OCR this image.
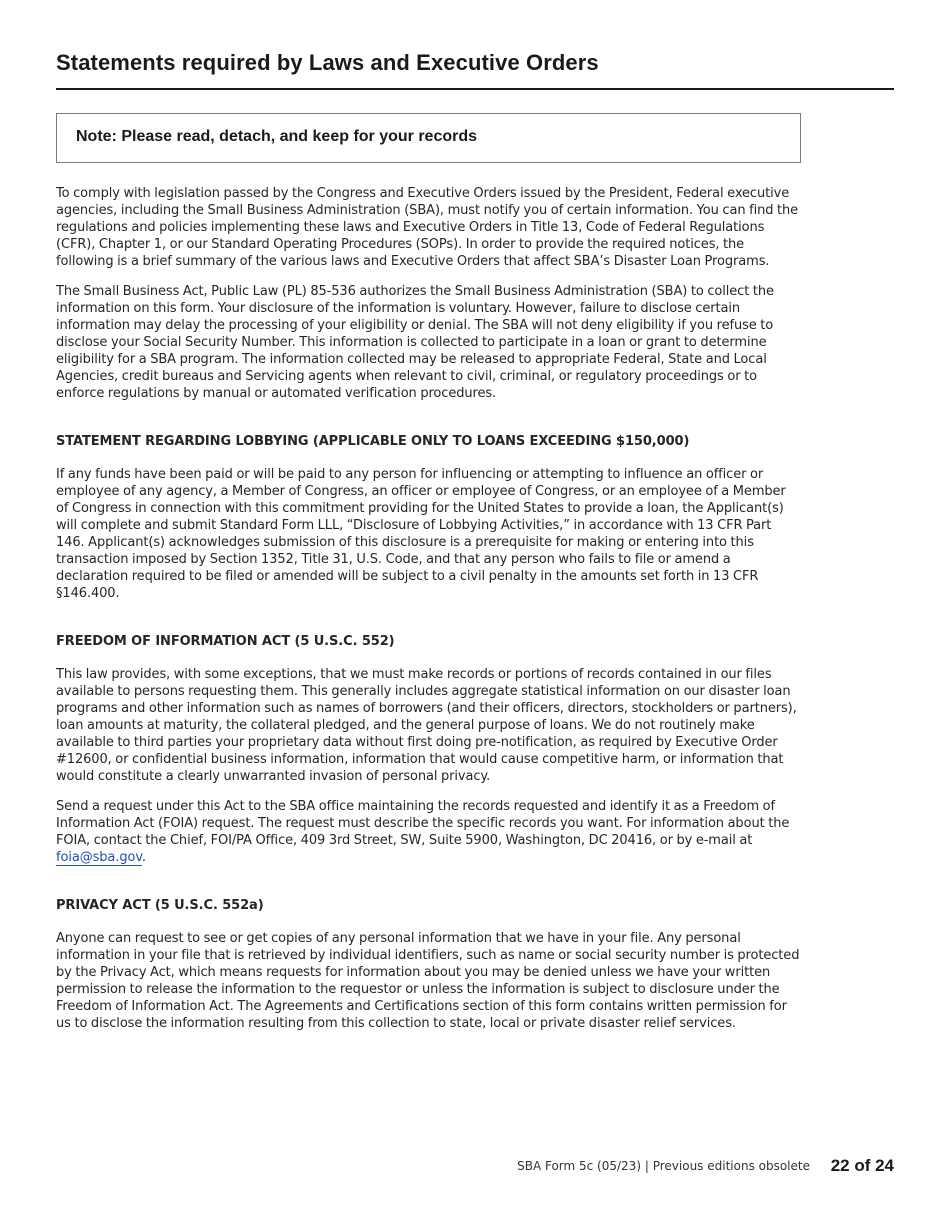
Statements required by Laws and Executive Orders
Note: Please read, detach, and keep for your records

To comply with legislation passed by the Congress and Executive Orders issued by the President, Federal executive agencies, including the Small Business Administration (SBA), must notify you of certain information. You can find the regulations and policies implementing these laws and Executive Orders in Title 13, Code of Federal Regulations (CFR), Chapter 1, or our Standard Operating Procedures (SOPs). In order to provide the required notices, the following is a brief summary of the various laws and Executive Orders that affect SBA’s Disaster Loan Programs.

The Small Business Act, Public Law (PL) 85-536 authorizes the Small Business Administration (SBA) to collect the information on this form. Your disclosure of the information is voluntary. However, failure to disclose certain information may delay the processing of your eligibility or denial. The SBA will not deny eligibility if you refuse to disclose your Social Security Number. This information is collected to participate in a loan or grant to determine eligibility for a SBA program. The information collected may be released to appropriate Federal, State and Local Agencies, credit bureaus and Servicing agents when relevant to civil, criminal, or regulatory proceedings or to enforce regulations by manual or automated verification procedures.

STATEMENT REGARDING LOBBYING (APPLICABLE ONLY TO LOANS EXCEEDING $150,000)

If any funds have been paid or will be paid to any person for influencing or attempting to influence an officer or employee of any agency, a Member of Congress, an officer or employee of Congress, or an employee of a Member of Congress in connection with this commitment providing for the United States to provide a loan, the Applicant(s) will complete and submit Standard Form LLL, “Disclosure of Lobbying Activities,” in accordance with 13 CFR Part 146. Applicant(s) acknowledges submission of this disclosure is a prerequisite for making or entering into this transaction imposed by Section 1352, Title 31, U.S. Code, and that any person who fails to file or amend a declaration required to be filed or amended will be subject to a civil penalty in the amounts set forth in 13 CFR §146.400.

FREEDOM OF INFORMATION ACT (5 U.S.C. 552)

This law provides, with some exceptions, that we must make records or portions of records contained in our files available to persons requesting them. This generally includes aggregate statistical information on our disaster loan programs and other information such as names of borrowers (and their officers, directors, stockholders or partners), loan amounts at maturity, the collateral pledged, and the general purpose of loans. We do not routinely make available to third parties your proprietary data without first doing pre-notification, as required by Executive Order #12600, or confidential business information, information that would cause competitive harm, or information that would constitute a clearly unwarranted invasion of personal privacy.

Send a request under this Act to the SBA office maintaining the records requested and identify it as a Freedom of Information Act (FOIA) request. The request must describe the specific records you want. For information about the FOIA, contact the Chief, FOI/PA Office, 409 3rd Street, SW, Suite 5900, Washington, DC 20416, or by e-mail at foia@sba.gov.

PRIVACY ACT (5 U.S.C. 552a)

Anyone can request to see or get copies of any personal information that we have in your file. Any personal information in your file that is retrieved by individual identifiers, such as name or social security number is protected by the Privacy Act, which means requests for information about you may be denied unless we have your written permission to release the information to the requestor or unless the information is subject to disclosure under the Freedom of Information Act. The Agreements and Certifications section of this form contains written permission for us to disclose the information resulting from this collection to state, local or private disaster relief services.

SBA Form 5c (05/23) | Previous editions obsolete 22 of 24
